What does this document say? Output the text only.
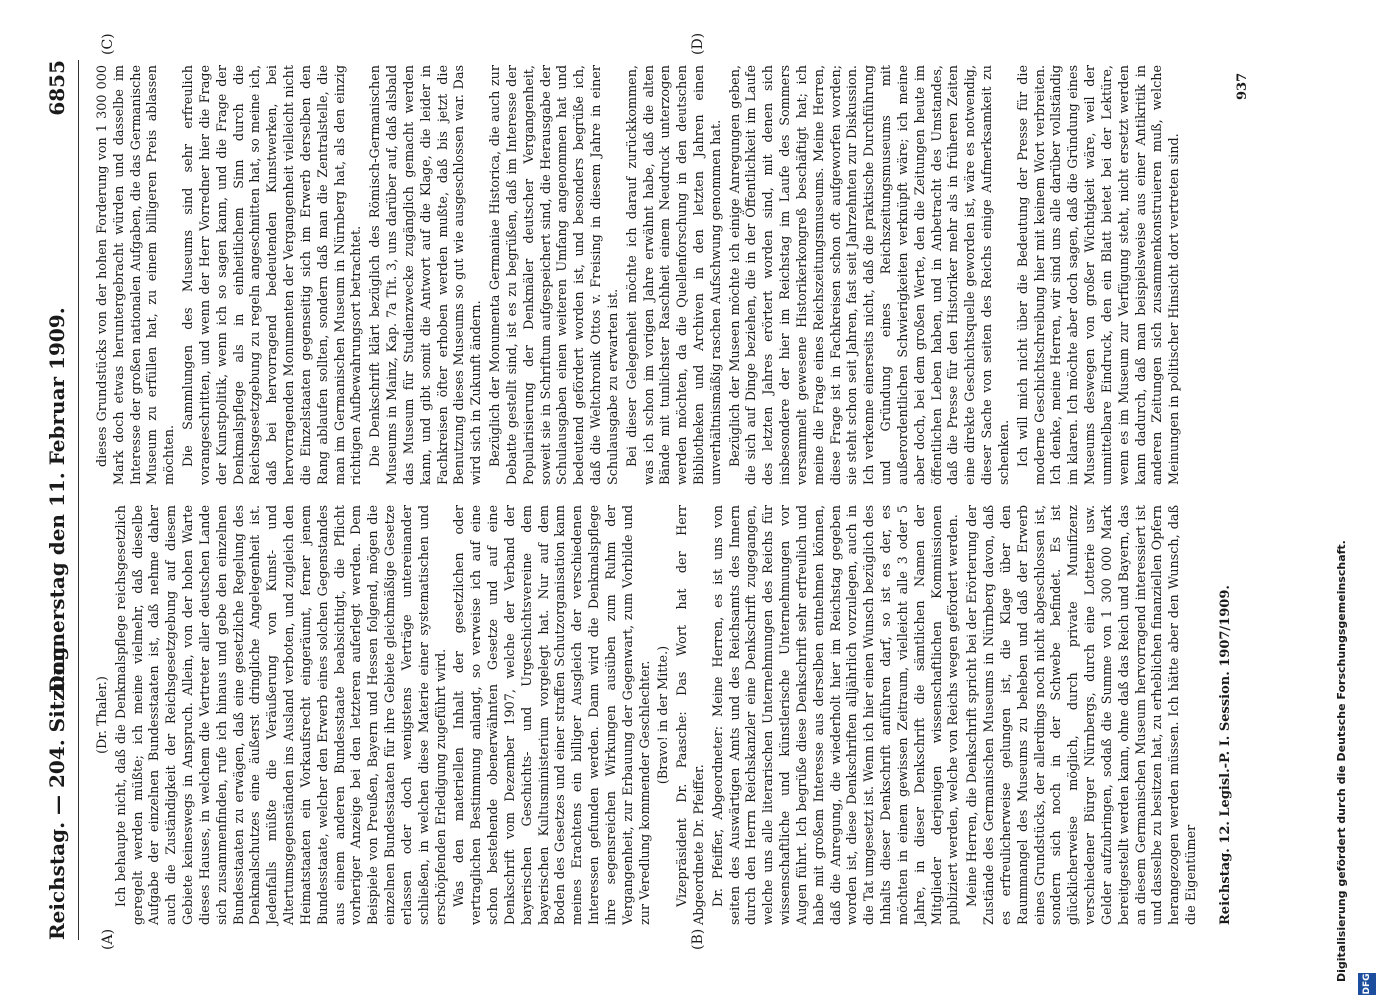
Reichstag. — 204. Sitzung.
Donnerstag den 11. Februar 1909.
6855
(A)	(B)
(C)	(D)

(Dr. Thaler.) Ich behaupte nicht, daß die Denkmalspflege reichsgesetzlich geregelt werden müßte; ich meine vielmehr, daß dieselbe Aufgabe der einzelnen Bundesstaaten ist, daß nehme daher auch die Zuständigkeit der Reichsgesetzgebung auf diesem Gebiete keineswegs in Anspruch. Allein, von der hohen Warte dieses Hauses, in welchem die Vertreter aller deutschen Lande sich zusammenfinden, rufe ich hinaus und gebe den einzelnen Bundesstaaten zu erwägen, daß eine gesetzliche Regelung des Denkmalschutzes eine äußerst dringliche Angelegenheit ist. Jedenfalls müßte die Veräußerung von Kunst- und Altertumsgegenständen ins Ausland verboten, und zugleich den Heimatstaaten ein Vorkaufsrecht eingeräumt, ferner jenem Bundesstaate, welcher den Erwerb eines solchen Gegenstandes aus einem anderen Bundesstaate beabsichtigt, die Pflicht vorheriger Anzeige bei den letzteren auferlegt werden. Dem Beispiele von Preußen, Bayern und Hessen folgend, mögen die einzelnen Bundesstaaten für ihre Gebiete gleichmäßige Gesetze erlassen oder doch wenigstens Verträge untereinander schließen, in welchen diese Materie einer systematischen und erschöpfenden Erledigung zugeführt wird. Was den materiellen Inhalt der gesetzlichen oder vertraglichen Bestimmung anlangt, so verweise ich auf eine schon bestehende obenerwähnten Gesetze und auf eine Denkschrift vom Dezember 1907, welche der Verband der bayerischen Geschichts- und Urgeschichtsvereine dem bayerischen Kultusministerium vorgelegt hat. Nur auf dem Boden des Gesetzes und einer straffen Schutzorganisation kann meines Erachtens ein billiger Ausgleich der verschiedenen Interessen gefunden werden. Dann wird die Denkmalspflege ihre segensreichen Wirkungen ausüben zum Ruhm der Vergangenheit, zur Erbauung der Gegenwart, zum Vorbilde und zur Veredlung kommender Geschlechter. (Bravo! in der Mitte.) Vizepräsident Dr. Paasche: Das Wort hat der Herr Abgeordnete Dr. Pfeiffer. Dr. Pfeiffer, Abgeordneter: Meine Herren, es ist uns von seiten des Auswärtigen Amts und des Reichsamts des Innern durch den Herrn Reichskanzler eine Denkschrift zugegangen, welche uns alle literarischen Unternehmungen des Reichs für wissenschaftliche und künstlerische Unternehmungen vor Augen führt. Ich begrüße diese Denkschrift sehr erfreulich und habe mit großem Interesse aus derselben entnehmen können, daß die Anregung, die wiederholt hier im Reichstag gegeben worden ist, diese Denkschriften alljährlich vorzulegen, auch in die Tat umgesetzt ist. Wenn ich hier einen Wunsch bezüglich des Inhalts dieser Denkschrift anführen darf, so ist es der, es möchten in einem gewissen Zeitraum, vielleicht alle 3 oder 5 Jahre, in dieser Denkschrift die sämtlichen Namen der Mitglieder derjenigen wissenschaftlichen Kommissionen publiziert werden, welche von Reichs wegen gefördert werden. Meine Herren, die Denkschrift spricht bei der Erörterung der Zustände des Germanischen Museums in Nürnberg davon, daß es erfreulicherweise gelungen ist, die Klage über den Raummangel des Museums zu beheben und daß der Erwerb eines Grundstücks, der allerdings noch nicht abgeschlossen ist, sondern sich noch in der Schwebe befindet. Es ist glücklicherweise möglich, durch private Munifizenz verschiedener Bürger Nürnbergs, durch eine Lotterie usw. Gelder aufzubringen, sodaß die Summe von 1 300 000 Mark bereitgestellt werden kann, ohne daß das Reich und Bayern, das an diesem Germanischen Museum hervorragend interessiert ist und dasselbe zu besitzen hat, zu erheblichen finanziellen Opfern herangezogen werden müssen. Ich hätte aber den Wunsch, daß die Eigentümer

dieses Grundstücks von der hohen Forderung von 1 300 000 Mark doch etwas heruntergebracht würden und dasselbe im Interesse der großen nationalen Aufgaben, die das Germanische Museum zu erfüllen hat, zu einem billigeren Preis ablassen möchten. Die Sammlungen des Museums sind sehr erfreulich vorangeschritten, und wenn der Herr Vorredner hier die Frage der Kunstpolitik, wenn ich so sagen kann, und die Frage der Denkmalspflege als in einheitlichem Sinn durch die Reichsgesetzgebung zu regeln angeschnitten hat, so meine ich, daß bei hervorragend bedeutenden Kunstwerken, bei hervorragenden Monumenten der Vergangenheit vielleicht nicht die Einzelstaaten gegenseitig sich im Erwerb derselben den Rang ablaufen sollten, sondern daß man die Zentralstelle, die man im Germanischen Museum in Nürnberg hat, als den einzig richtigen Aufbewahrungsort betrachtet. Die Denkschrift klärt bezüglich des Römisch-Germanischen Museums in Mainz, Kap. 7a Tit. 3, uns darüber auf, daß alsbald das Museum für Studienzwecke zugänglich gemacht werden kann, und gibt somit die Antwort auf die Klage, die leider in Fachkreisen öfter erhoben werden mußte, daß bis jetzt die Benutzung dieses Museums so gut wie ausgeschlossen war. Das wird sich in Zukunft ändern. Bezüglich der Monumenta Germaniae Historica, die auch zur Debatte gestellt sind, ist es zu begrüßen, daß im Interesse der Popularisierung der Denkmäler deutscher Vergangenheit, soweit sie in Schriftum aufgespeichert sind, die Herausgabe der Schulausgaben einen weiteren Umfang angenommen hat und bedeutend gefördert worden ist, und besonders begrüße ich, daß die Weltchronik Ottos v. Freising in diesem Jahre in einer Schulausgabe zu erwarten ist. Bei dieser Gelegenheit möchte ich darauf zurückkommen, was ich schon im vorigen Jahre erwähnt habe, daß die alten Bände mit tunlichster Raschheit einem Neudruck unterzogen werden möchten, da die Quellenforschung in den deutschen Bibliotheken und Archiven in den letzten Jahren einen unverhältnismäßig raschen Aufschwung genommen hat. Bezüglich der Museen möchte ich einige Anregungen geben, die sich auf Dinge beziehen, die in der Öffentlichkeit im Laufe des letzten Jahres erörtert worden sind, mit denen sich insbesondere der hier im Reichstag im Laufe des Sommers versammelt gewesene Historikerkongreß beschäftigt hat; ich meine die Frage eines Reichszeitungsmuseums. Meine Herren, diese Frage ist in Fachkreisen schon oft aufgeworfen worden; sie steht schon seit Jahren, fast seit Jahrzehnten zur Diskussion. Ich verkenne einerseits nicht, daß die praktische Durchführung und Gründung eines Reichszeitungsmuseums mit außerordentlichen Schwierigkeiten verknüpft wäre; ich meine aber doch, bei dem großen Werte, den die Zeitungen heute im öffentlichen Leben haben, und in Anbetracht des Umstandes, daß die Presse für den Historiker mehr als in früheren Zeiten eine direkte Geschichtsquelle geworden ist, wäre es notwendig, dieser Sache von seiten des Reichs einige Aufmerksamkeit zu schenken. Ich will mich nicht über die Bedeutung der Presse für die moderne Geschichtschreibung hier mit keinem Wort verbreiten. Ich denke, meine Herren, wir sind uns alle darüber vollständig im klaren. Ich möchte aber doch sagen, daß die Gründung eines Museums deswegen von großer Wichtigkeit wäre, weil der unmittelbare Eindruck, den ein Blatt bietet bei der Lektüre, wenn es im Museum zur Verfügung steht, nicht ersetzt werden kann dadurch, daß man beispielsweise aus einer Antikritik in anderen Zeitungen sich zusammenkonstruieren muß, welche Meinungen in politischer Hinsicht dort vertreten sind.

Reichstag. 12. Legisl.-P. I. Session. 1907/1909.
937
Digitalisierung gefördert durch die Deutsche Forschungsgemeinschaft.
DFG
